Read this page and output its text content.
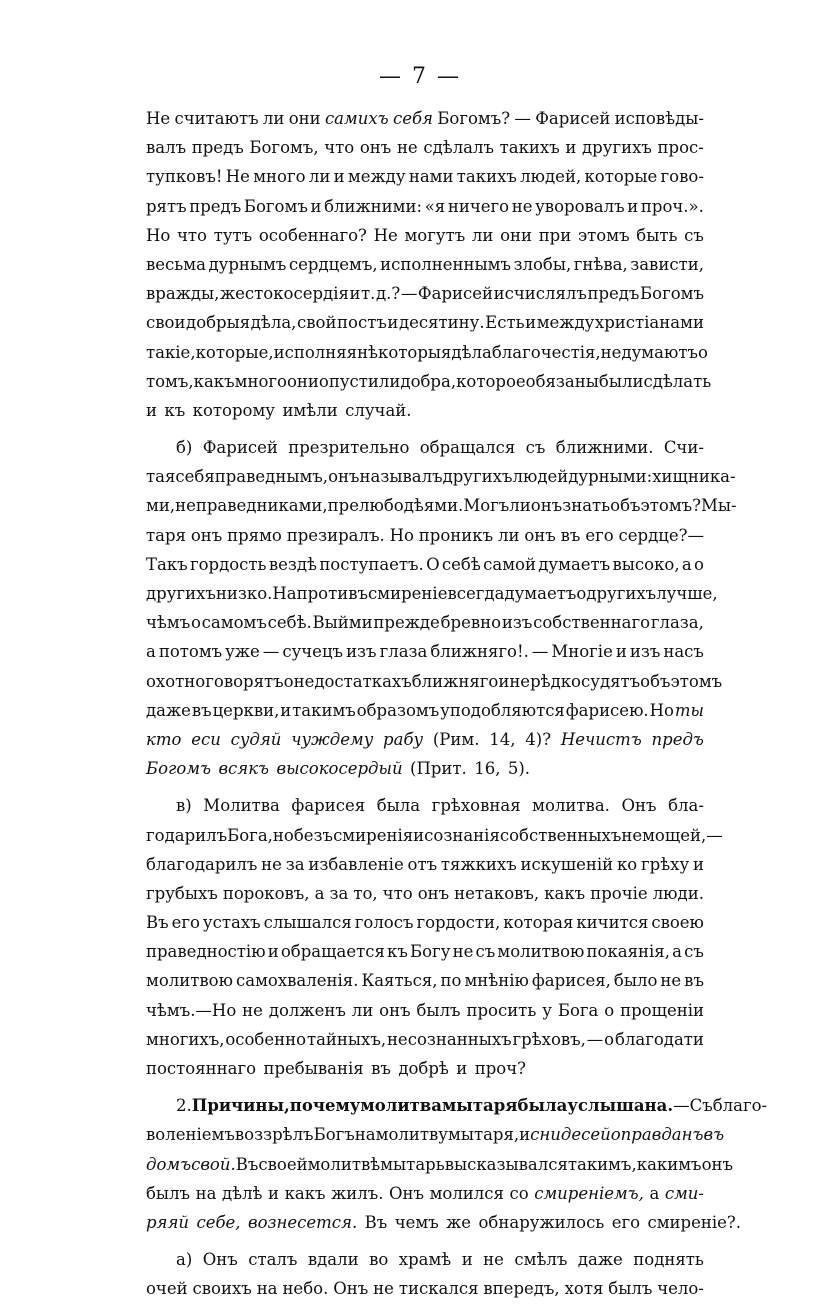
— 7 —
Не считаютъ ли они самихъ себя Богомъ? — Фарисей исповѣды-
валъ предъ Богомъ, что онъ не сдѣлалъ такихъ и другихъ прос-
тупковъ! Не много ли и между нами такихъ людей, которые гово-
рятъ предъ Богомъ и ближними: «я ничего не уворовалъ и проч.».
Но что тутъ особеннаго? Не могутъ ли они при этомъ быть съ
весьма дурнымъ сердцемъ, исполненнымъ злобы, гнѣва, зависти,
вражды, жестокосердія и т. д.? — Фарисей исчислялъ предъ Богомъ
свои добрыя дѣла, свой постъ и десятину. Есть и между христіанами
такіе, которые, исполняя нѣкоторыя дѣла благочестія, не думаютъ о
томъ, какъ много они опустили добра, которое обязаны были сдѣлать
и къ которому имѣли случай.
б) Фарисей презрительно обращался съ ближними. Счи-
тая себя праведнымъ, онъ называлъ другихъ людей дурными: хищника-
ми, неправедниками, прелюбодѣями. Могъ ли онъ знать объ этомъ? Мы-
таря онъ прямо презиралъ. Но проникъ ли онъ въ его сердце?—
Такъ гордость вездѣ поступаетъ. О себѣ самой думаетъ высоко, а о
другихъ низко. Напротивъ смиреніе всегда думаетъ о другихъ лучше,
чѣмъ о самомъ себѣ. Выйми прежде бревно изъ собственнаго глаза,
а потомъ уже — сучецъ изъ глаза ближняго!. — Многіе и изъ насъ
охотно говорятъ о недостаткахъ ближняго и нерѣдко судятъ объ этомъ
даже въ церкви, и такимъ образомъ уподобляются фарисею. Но ты
кто еси судяй чуждему рабу (Рим. 14, 4)? Нечистъ предъ
Богомъ всякъ высокосердый (Прит. 16, 5).
в) Молитва фарисея была грѣховная молитва. Онъ бла-
годарилъ Бога, но безъ смиренія и сознанія собственныхъ немощей,—
благодарилъ не за избавленіе отъ тяжкихъ искушеній ко грѣху и
грубыхъ пороковъ, а за то, что онъ нетаковъ, какъ прочіе люди.
Въ его устахъ слышался голосъ гордости, которая кичится своею
праведностію и обращается къ Богу не съ молитвою покаянія, а съ
молитвою самохваленія. Каяться, по мнѣнію фарисея, было не въ
чѣмъ.—Но не долженъ ли онъ былъ просить у Бога о прощеніи
многихъ, особенно тайныхъ, несознанныхъ грѣховъ, — о благодати
постояннаго пребыванія въ добрѣ и проч?
2. Причины, почему молитва мытаря была услышана. —Съ благо-
воленіемъ воззрѣлъ Богъ на молитву мытаря, и сниде сей оправданъ въ
домъ свой. Въ своей молитвѣ мытарь высказывался такимъ, какимъ онъ
былъ на дѣлѣ и какъ жилъ. Онъ молился со смиреніемъ, а сми-
ряяй себе, вознесется. Въ чемъ же обнаружилось его смиреніе?.
а) Онъ сталъ вдали во храмѣ и не смѣлъ даже поднять
очей своихъ на небо. Онъ не тискался впередъ, хотя былъ чело-
